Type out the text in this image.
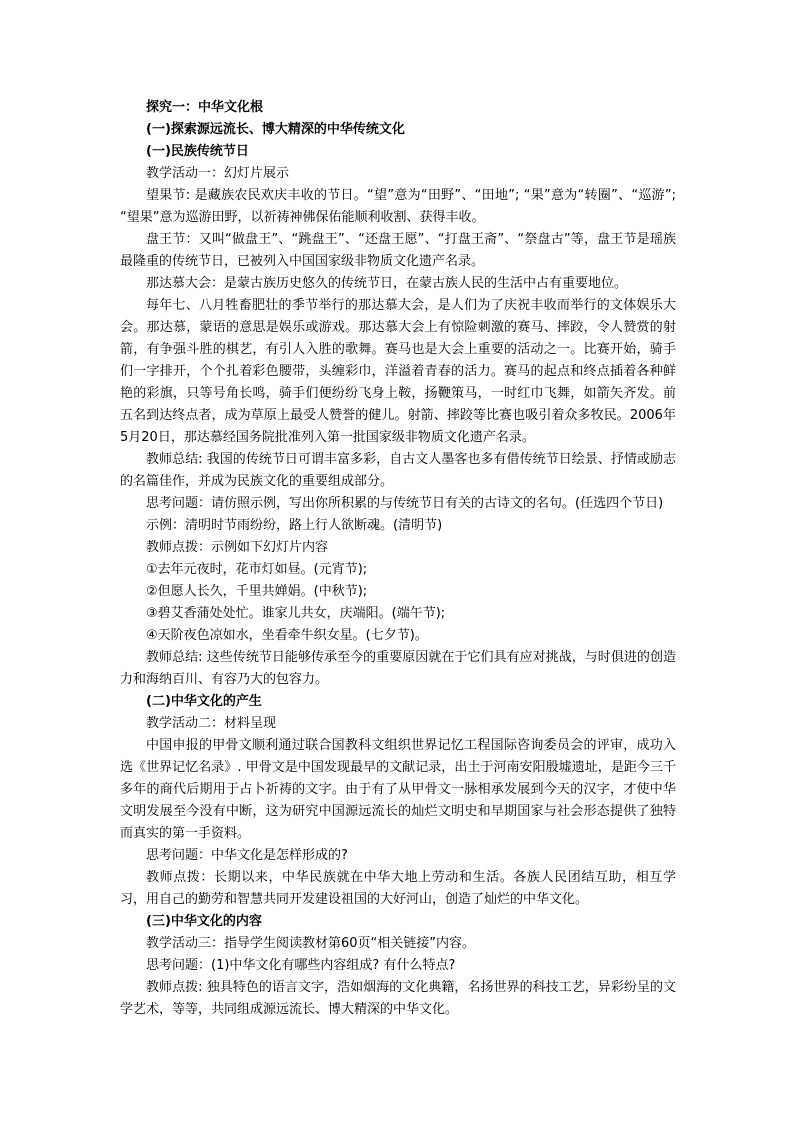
探究一：中华文化根

(一)探索源远流长、博大精深的中华传统文化

(一)民族传统节日

教学活动一：幻灯片展示

望果节: 是藏族农民欢庆丰收的节日。“望”意为“田野”、“田地”; “果”意为“转圈”、“巡游”; “望果”意为巡游田野，以祈祷神佛保佑能顺利收割、获得丰收。

盘王节：又叫“做盘王”、“跳盘王”、“还盘王愿”、“打盘王斋”、“祭盘古”等，盘王节是瑶族最隆重的传统节日，已被列入中国国家级非物质文化遗产名录。

那达慕大会：是蒙古族历史悠久的传统节日，在蒙古族人民的生活中占有重要地位。

每年七、八月牲畜肥壮的季节举行的那达慕大会，是人们为了庆祝丰收而举行的文体娱乐大会。那达慕，蒙语的意思是娱乐或游戏。那达慕大会上有惊险刺激的赛马、摔跤，令人赞赏的射箭，有争强斗胜的棋艺，有引人入胜的歌舞。赛马也是大会上重要的活动之一。比赛开始，骑手们一字排开，个个扎着彩色腰带，头缠彩巾，洋溢着青春的活力。赛马的起点和终点插着各种鲜艳的彩旗，只等号角长鸣，骑手们便纷纷飞身上鞍，扬鞭策马，一时红巾飞舞，如箭矢齐发。前五名到达终点者，成为草原上最受人赞誉的健儿。射箭、摔跤等比赛也吸引着众多牧民。2006年5月20日，那达慕经国务院批准列入第一批国家级非物质文化遗产名录。

教师总结: 我国的传统节日可谓丰富多彩，自古文人墨客也多有借传统节日绘景、抒情或励志的名篇佳作，并成为民族文化的重要组成部分。

思考问题：请仿照示例，写出你所积累的与传统节日有关的古诗文的名句。(任选四个节日)

示例：清明时节雨纷纷，路上行人欲断魂。(清明节)

教师点拨：示例如下幻灯片内容

①去年元夜时，花市灯如昼。(元宵节);

②但愿人长久，千里共婵娟。(中秋节);

③碧艾香蒲处处忙。谁家儿共女，庆端阳。(端午节);

④天阶夜色凉如水，坐看牵牛织女星。(七夕节)。

教师总结: 这些传统节日能够传承至今的重要原因就在于它们具有应对挑战，与时俱进的创造力和海纳百川、有容乃大的包容力。

(二)中华文化的产生

教学活动二：材料呈现

中国申报的甲骨文顺利通过联合国教科文组织世界记忆工程国际咨询委员会的评审，成功入选《世界记忆名录》. 甲骨文是中国发现最早的文献记录，出土于河南安阳殷墟遗址，是距今三千多年的商代后期用于占卜祈祷的文字。由于有了从甲骨文一脉相承发展到今天的汉字，才使中华文明发展至今没有中断，这为研究中国源远流长的灿烂文明史和早期国家与社会形态提供了独特而真实的第一手资料。

思考问题：中华文化是怎样形成的?

教师点拨：长期以来，中华民族就在中华大地上劳动和生活。各族人民团结互助，相互学习，用自己的勤劳和智慧共同开发建设祖国的大好河山，创造了灿烂的中华文化。

(三)中华文化的内容

教学活动三：指导学生阅读教材第60页“相关链接”内容。

思考问题：(1)中华文化有哪些内容组成? 有什么特点?

教师点拨: 独具特色的语言文字，浩如烟海的文化典籍，名扬世界的科技工艺，异彩纷呈的文学艺术，等等，共同组成源远流长、博大精深的中华文化。
